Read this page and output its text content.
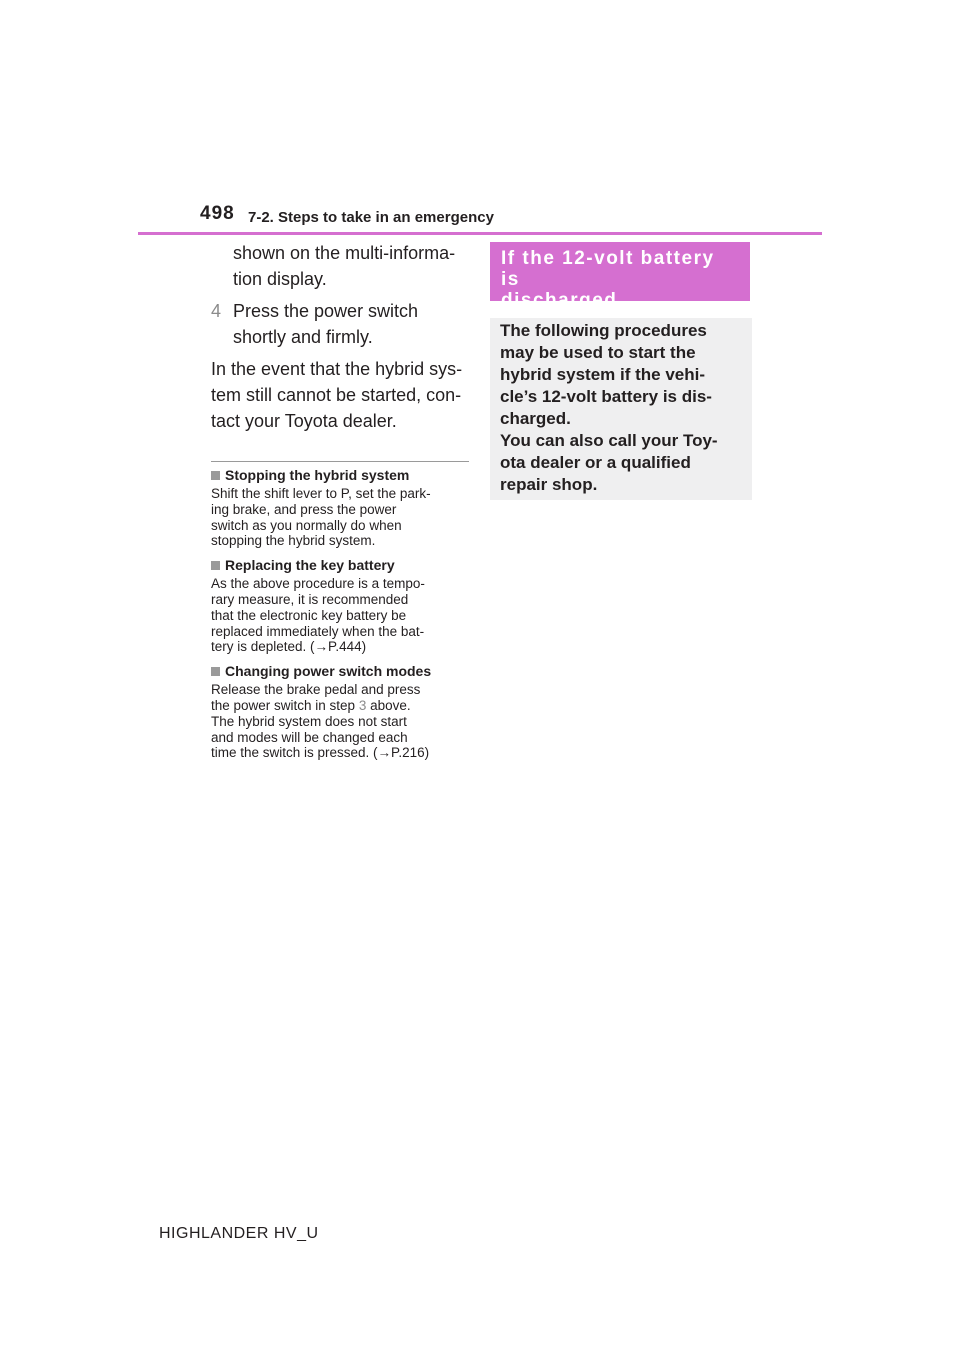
498 7-2. Steps to take in an emergency
shown on the multi-informa-
tion display.
4 Press the power switch
shortly and firmly.
In the event that the hybrid sys-
tem still cannot be started, con-
tact your Toyota dealer.
Stopping the hybrid system
Shift the shift lever to P, set the park-
ing brake, and press the power
switch as you normally do when
stopping the hybrid system.
Replacing the key battery
As the above procedure is a tempo-
rary measure, it is recommended
that the electronic key battery be
replaced immediately when the bat-
tery is depleted. (→P.444)
Changing power switch modes
Release the brake pedal and press
the power switch in step 3 above.
The hybrid system does not start
and modes will be changed each
time the switch is pressed. (→P.216)
If the 12-volt battery is
discharged
The following procedures
may be used to start the
hybrid system if the vehi-
cle’s 12-volt battery is dis-
charged.
You can also call your Toy-
ota dealer or a qualified
repair shop.
HIGHLANDER HV_U
